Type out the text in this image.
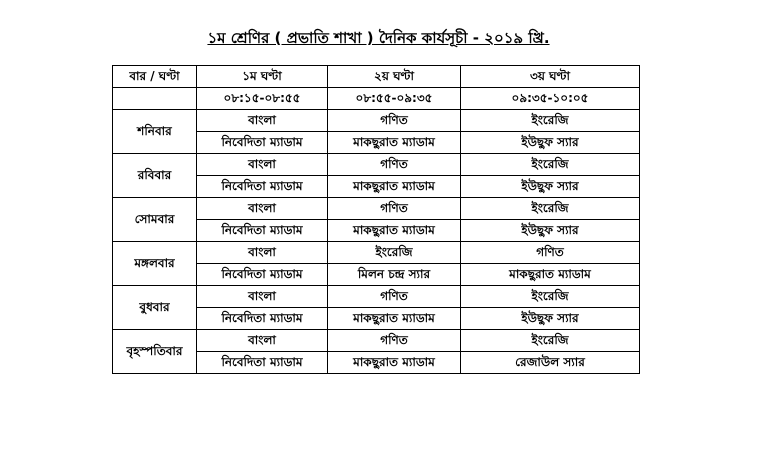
১ম শ্রেণির ( প্রভাতি শাখা ) দৈনিক কার্যসূচী - ২০১৯ খ্রি.
বার / ঘণ্টা	১ম ঘণ্টা	২য় ঘণ্টা	৩য় ঘণ্টা
	০৮:১৫-০৮:৫৫	০৮:৫৫-০৯:৩৫	০৯:৩৫-১০:০৫
শনিবার	বাংলা	গণিত	ইংরেজি
	নিবেদিতা ম্যাডাম	মাকছুরাত ম্যাডাম	ইউছুফ স্যার
রবিবার	বাংলা	গণিত	ইংরেজি
	নিবেদিতা ম্যাডাম	মাকছুরাত ম্যাডাম	ইউছুফ স্যার
সোমবার	বাংলা	গণিত	ইংরেজি
	নিবেদিতা ম্যাডাম	মাকছুরাত ম্যাডাম	ইউছুফ স্যার
মঙ্গলবার	বাংলা	ইংরেজি	গণিত
	নিবেদিতা ম্যাডাম	মিলন চন্দ্র স্যার	মাকছুরাত ম্যাডাম
বুধবার	বাংলা	গণিত	ইংরেজি
	নিবেদিতা ম্যাডাম	মাকছুরাত ম্যাডাম	ইউছুফ স্যার
বৃহস্পতিবার	বাংলা	গণিত	ইংরেজি
	নিবেদিতা ম্যাডাম	মাকছুরাত ম্যাডাম	রেজাউল স্যার
